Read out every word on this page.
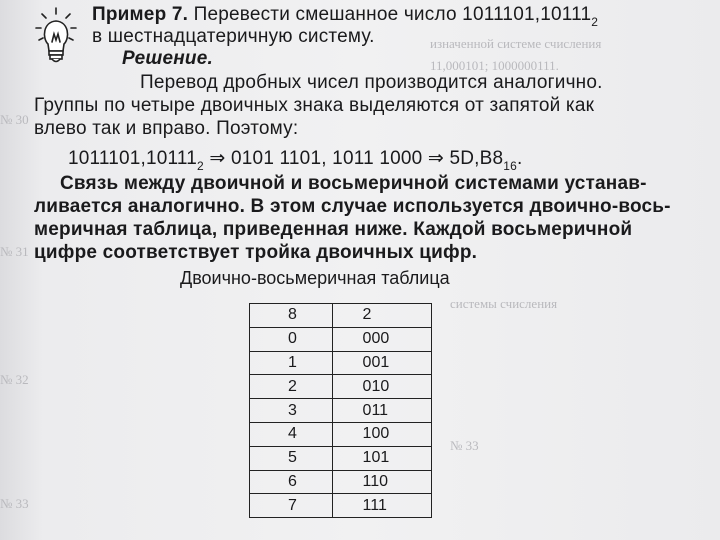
изначенной системе счисления
11,000101; 1000000111.
№ 30
№ 31
системы счисления
№ 32
№ 33
№ 33
Пример 7. Перевести смешанное число $1011101,10111_2$
в шестнадцатеричную систему.
Решение.
Перевод дробных чисел производится аналогично.
Группы по четыре двоичных знака выделяются от запятой как
влево так и вправо. Поэтому:
$1011101,10111_2$ ⇒ 0101 1101, 1011 1000 ⇒ $5D,B8_{16}$.
Связь между двоичной и восьмеричной системами устанав-
ливается аналогично. В этом случае используется двоично-вось-
меричная таблица, приведенная ниже. Каждой восьмеричной
цифре соответствует тройка двоичных цифр.
Двоично-восьмеричная таблица
8	2
0	000
1	001
2	010
3	011
4	100
5	101
6	110
7	111
